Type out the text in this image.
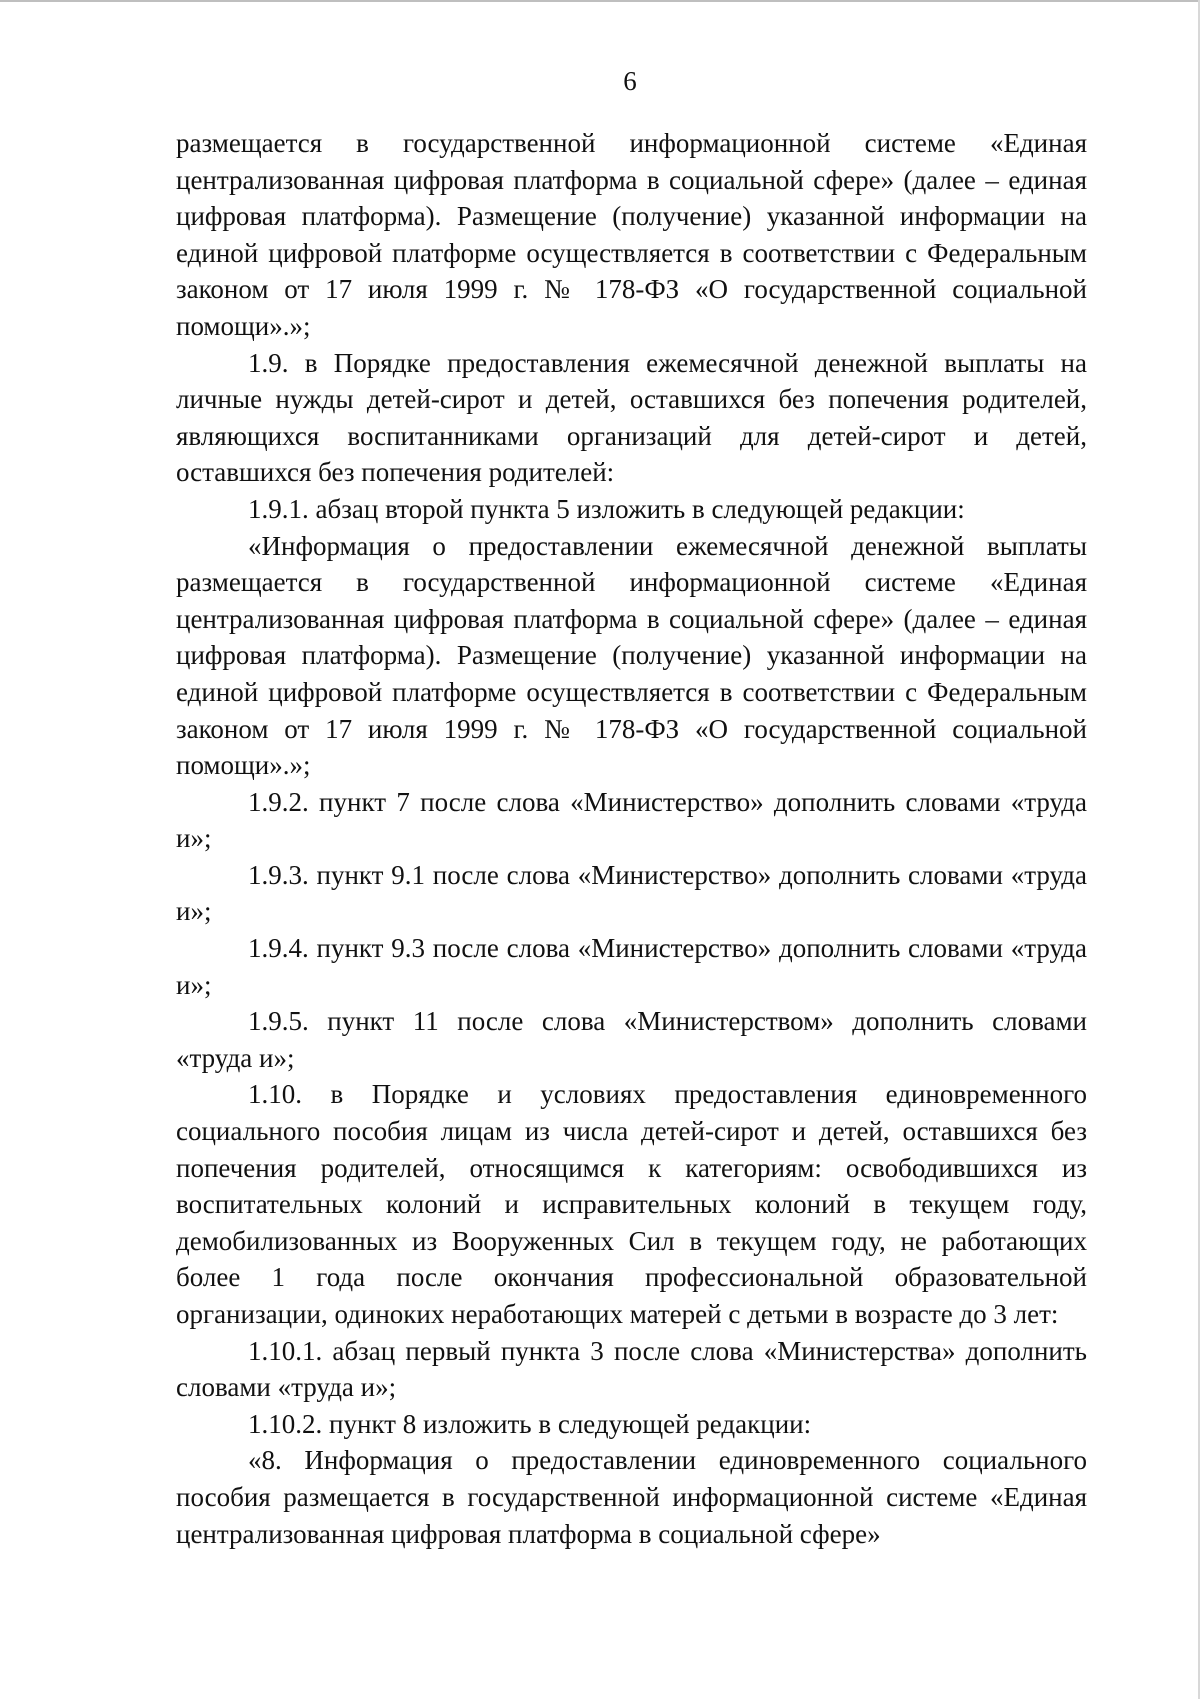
6

размещается в государственной информационной системе «Единая централизованная цифровая платформа в социальной сфере» (далее – единая цифровая платформа). Размещение (получение) указанной информации на единой цифровой платформе осуществляется в соответствии с Федеральным законом от 17 июля 1999 г. № 178-ФЗ «О государственной социальной помощи».»;

1.9. в Порядке предоставления ежемесячной денежной выплаты на личные нужды детей-сирот и детей, оставшихся без попечения родителей, являющихся воспитанниками организаций для детей-сирот и детей, оставшихся без попечения родителей:

1.9.1. абзац второй пункта 5 изложить в следующей редакции:

«Информация о предоставлении ежемесячной денежной выплаты размещается в государственной информационной системе «Единая централизованная цифровая платформа в социальной сфере» (далее – единая цифровая платформа). Размещение (получение) указанной информации на единой цифровой платформе осуществляется в соответствии с Федеральным законом от 17 июля 1999 г. № 178-ФЗ «О государственной социальной помощи».»;

1.9.2. пункт 7 после слова «Министерство» дополнить словами «труда и»;

1.9.3. пункт 9.1 после слова «Министерство» дополнить словами «труда и»;

1.9.4. пункт 9.3 после слова «Министерство» дополнить словами «труда и»;

1.9.5. пункт 11 после слова «Министерством» дополнить словами «труда и»;

1.10. в Порядке и условиях предоставления единовременного социального пособия лицам из числа детей-сирот и детей, оставшихся без попечения родителей, относящимся к категориям: освободившихся из воспитательных колоний и исправительных колоний в текущем году, демобилизованных из Вооруженных Сил в текущем году, не работающих более 1 года после окончания профессиональной образовательной организации, одиноких неработающих матерей с детьми в возрасте до 3 лет:

1.10.1. абзац первый пункта 3 после слова «Министерства» дополнить словами «труда и»;

1.10.2. пункт 8 изложить в следующей редакции:

«8. Информация о предоставлении единовременного социального пособия размещается в государственной информационной системе «Единая централизованная цифровая платформа в социальной сфере»
